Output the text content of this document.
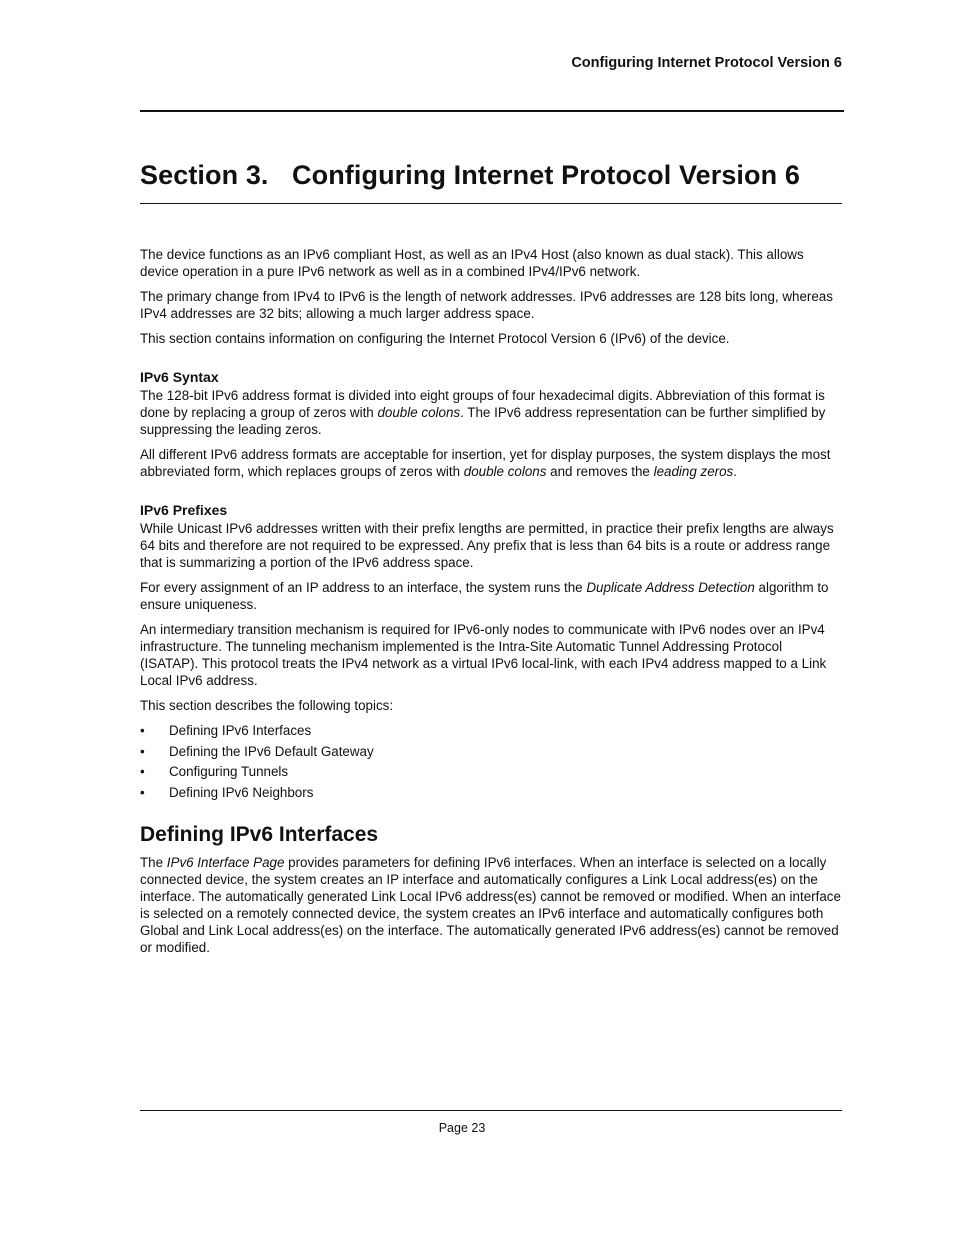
Configuring Internet Protocol Version 6

Section 3. Configuring Internet Protocol Version 6

The device functions as an IPv6 compliant Host, as well as an IPv4 Host (also known as dual stack). This allows device operation in a pure IPv6 network as well as in a combined IPv4/IPv6 network.

The primary change from IPv4 to IPv6 is the length of network addresses. IPv6 addresses are 128 bits long, whereas IPv4 addresses are 32 bits; allowing a much larger address space.

This section contains information on configuring the Internet Protocol Version 6 (IPv6) of the device.

IPv6 Syntax

The 128-bit IPv6 address format is divided into eight groups of four hexadecimal digits. Abbreviation of this format is done by replacing a group of zeros with double colons. The IPv6 address representation can be further simplified by suppressing the leading zeros.

All different IPv6 address formats are acceptable for insertion, yet for display purposes, the system displays the most abbreviated form, which replaces groups of zeros with double colons and removes the leading zeros.

IPv6 Prefixes

While Unicast IPv6 addresses written with their prefix lengths are permitted, in practice their prefix lengths are always 64 bits and therefore are not required to be expressed. Any prefix that is less than 64 bits is a route or address range that is summarizing a portion of the IPv6 address space.

For every assignment of an IP address to an interface, the system runs the Duplicate Address Detection algorithm to ensure uniqueness.

An intermediary transition mechanism is required for IPv6-only nodes to communicate with IPv6 nodes over an IPv4 infrastructure. The tunneling mechanism implemented is the Intra-Site Automatic Tunnel Addressing Protocol (ISATAP). This protocol treats the IPv4 network as a virtual IPv6 local-link, with each IPv4 address mapped to a Link Local IPv6 address.

This section describes the following topics:

• Defining IPv6 Interfaces
• Defining the IPv6 Default Gateway
• Configuring Tunnels
• Defining IPv6 Neighbors
Defining IPv6 Interfaces

The IPv6 Interface Page provides parameters for defining IPv6 interfaces. When an interface is selected on a locally connected device, the system creates an IP interface and automatically configures a Link Local address(es) on the interface. The automatically generated Link Local IPv6 address(es) cannot be removed or modified. When an interface is selected on a remotely connected device, the system creates an IPv6 interface and automatically configures both Global and Link Local address(es) on the interface. The automatically generated IPv6 address(es) cannot be removed or modified.

Page 23
